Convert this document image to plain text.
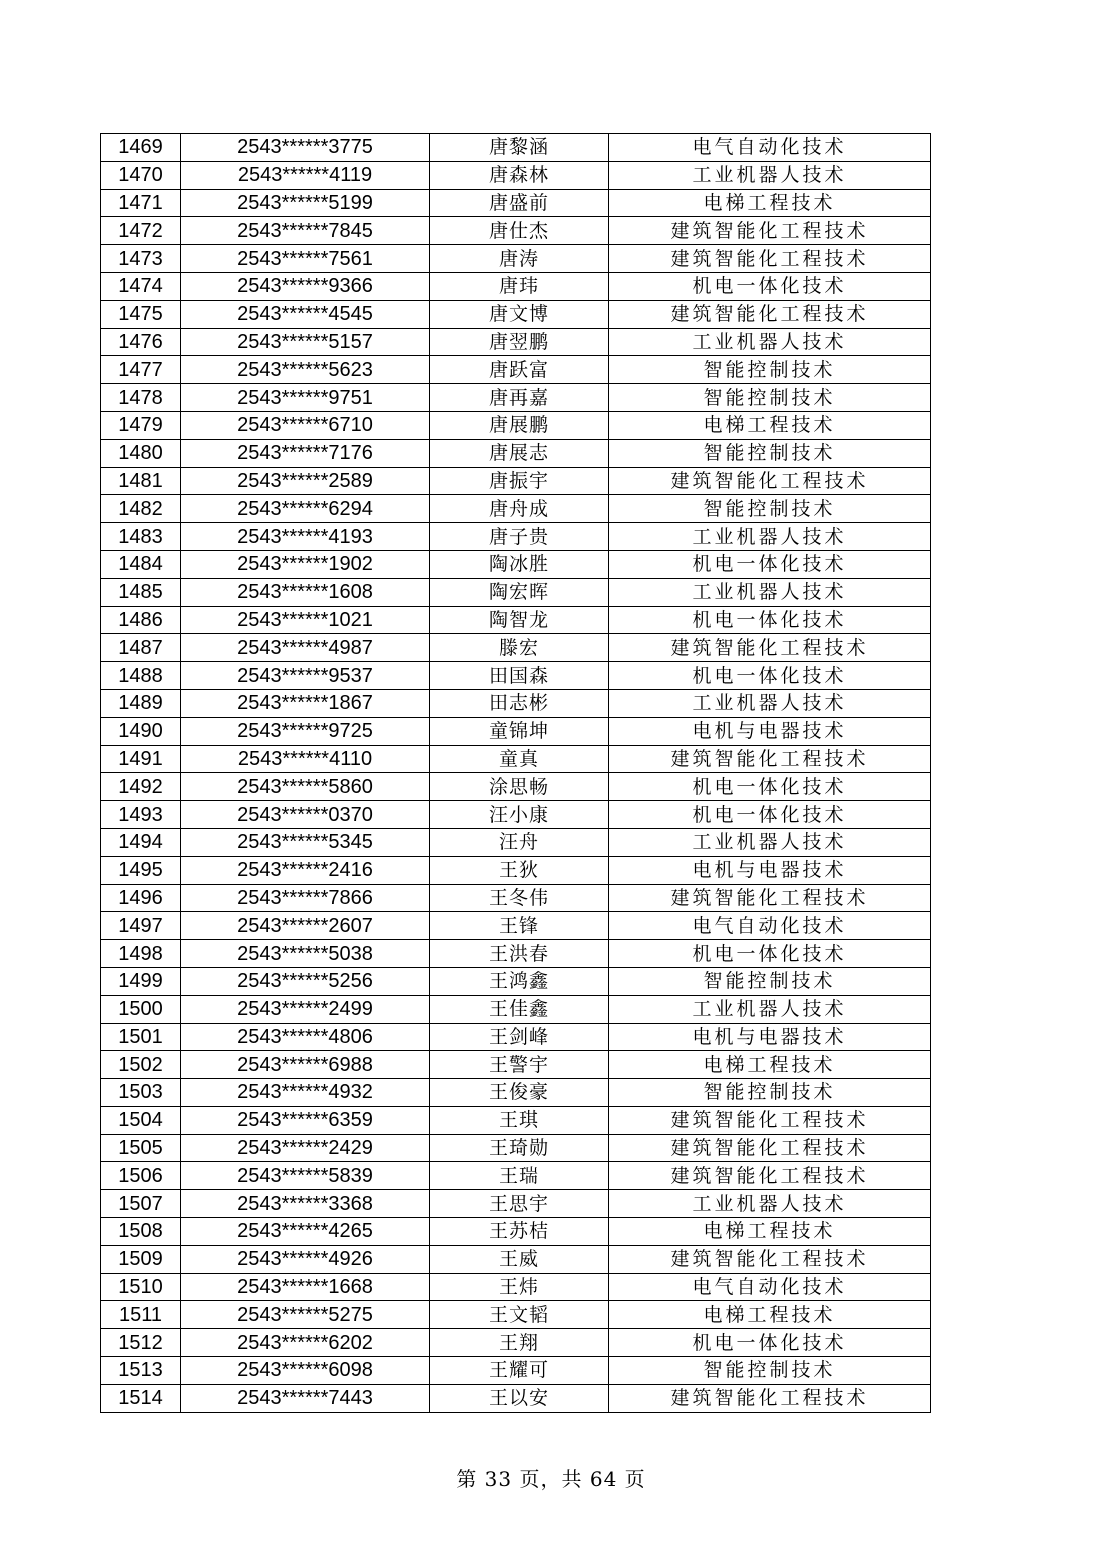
1469	2543******3775	唐黎涵	电气自动化技术
1470	2543******4119	唐森林	工业机器人技术
1471	2543******5199	唐盛前	电梯工程技术
1472	2543******7845	唐仕杰	建筑智能化工程技术
1473	2543******7561	唐涛	建筑智能化工程技术
1474	2543******9366	唐玮	机电一体化技术
1475	2543******4545	唐文博	建筑智能化工程技术
1476	2543******5157	唐翌鹏	工业机器人技术
1477	2543******5623	唐跃富	智能控制技术
1478	2543******9751	唐再嘉	智能控制技术
1479	2543******6710	唐展鹏	电梯工程技术
1480	2543******7176	唐展志	智能控制技术
1481	2543******2589	唐振宇	建筑智能化工程技术
1482	2543******6294	唐舟成	智能控制技术
1483	2543******4193	唐子贵	工业机器人技术
1484	2543******1902	陶冰胜	机电一体化技术
1485	2543******1608	陶宏晖	工业机器人技术
1486	2543******1021	陶智龙	机电一体化技术
1487	2543******4987	滕宏	建筑智能化工程技术
1488	2543******9537	田国森	机电一体化技术
1489	2543******1867	田志彬	工业机器人技术
1490	2543******9725	童锦坤	电机与电器技术
1491	2543******4110	童真	建筑智能化工程技术
1492	2543******5860	涂思畅	机电一体化技术
1493	2543******0370	汪小康	机电一体化技术
1494	2543******5345	汪舟	工业机器人技术
1495	2543******2416	王狄	电机与电器技术
1496	2543******7866	王冬伟	建筑智能化工程技术
1497	2543******2607	王锋	电气自动化技术
1498	2543******5038	王洪春	机电一体化技术
1499	2543******5256	王鸿鑫	智能控制技术
1500	2543******2499	王佳鑫	工业机器人技术
1501	2543******4806	王剑峰	电机与电器技术
1502	2543******6988	王警宇	电梯工程技术
1503	2543******4932	王俊豪	智能控制技术
1504	2543******6359	王琪	建筑智能化工程技术
1505	2543******2429	王琦勋	建筑智能化工程技术
1506	2543******5839	王瑞	建筑智能化工程技术
1507	2543******3368	王思宇	工业机器人技术
1508	2543******4265	王苏桔	电梯工程技术
1509	2543******4926	王威	建筑智能化工程技术
1510	2543******1668	王炜	电气自动化技术
1511	2543******5275	王文韬	电梯工程技术
1512	2543******6202	王翔	机电一体化技术
1513	2543******6098	王耀可	智能控制技术
1514	2543******7443	王以安	建筑智能化工程技术
第 33 页，共 64 页
